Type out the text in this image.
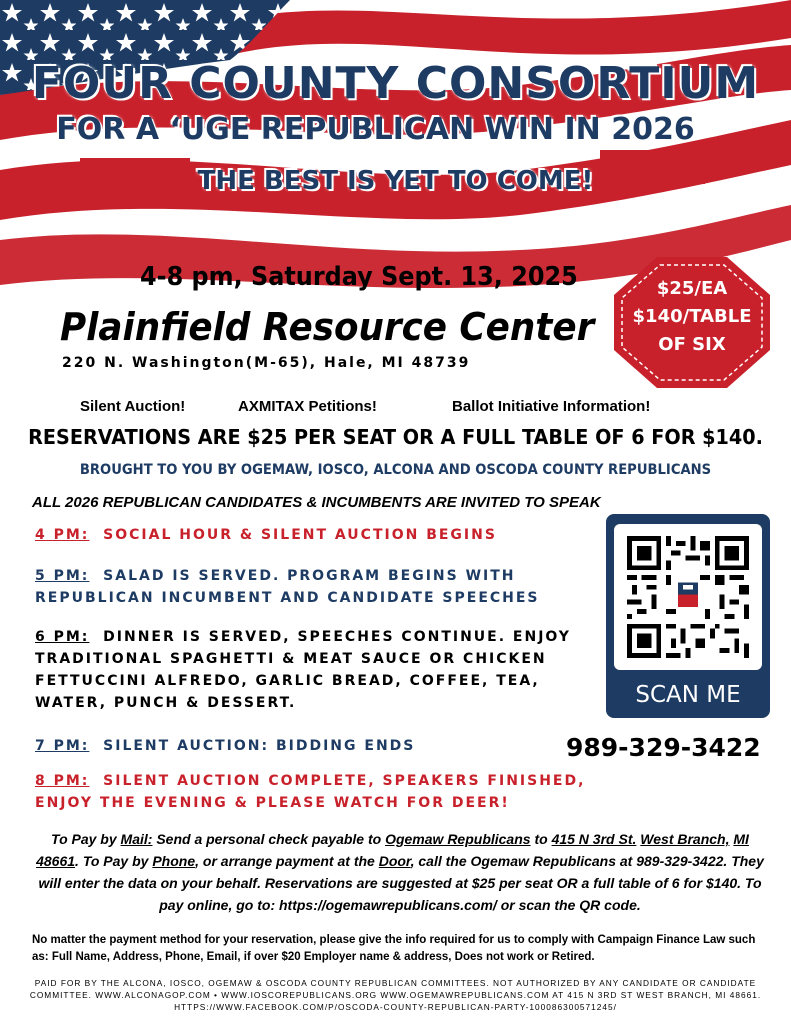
FOUR COUNTY CONSORTIUM
FOR A ‘UGE REPUBLICAN WIN IN 2026
THE BEST IS YET TO COME!
4-8 pm, Saturday Sept. 13, 2025
Plainfield Resource Center
220 N. Washington(M-65), Hale, MI 48739
$25/EA
$140/TABLE
OF SIX
Silent Auction!	AXMITAX Petitions!	Ballot Initiative Information!
RESERVATIONS ARE $25 PER SEAT OR A FULL TABLE OF 6 FOR $140.
BROUGHT TO YOU BY OGEMAW, IOSCO, ALCONA AND OSCODA COUNTY REPUBLICANS
ALL 2026 REPUBLICAN CANDIDATES & INCUMBENTS ARE INVITED TO SPEAK
4 PM: SOCIAL HOUR & SILENT AUCTION BEGINS
5 PM: SALAD IS SERVED. PROGRAM BEGINS WITH REPUBLICAN INCUMBENT AND CANDIDATE SPEECHES
6 PM: DINNER IS SERVED, SPEECHES CONTINUE. ENJOY TRADITIONAL SPAGHETTI & MEAT SAUCE OR CHICKEN FETTUCCINI ALFREDO, GARLIC BREAD, COFFEE, TEA, WATER, PUNCH & DESSERT.
7 PM: SILENT AUCTION: BIDDING ENDS
8 PM: SILENT AUCTION COMPLETE, SPEAKERS FINISHED, ENJOY THE EVENING & PLEASE WATCH FOR DEER!
SCAN ME
989-329-3422
To Pay by Mail: Send a personal check payable to Ogemaw Republicans to 415 N 3rd St. West Branch, MI 48661. To Pay by Phone, or arrange payment at the Door, call the Ogemaw Republicans at 989-329-3422. They will enter the data on your behalf. Reservations are suggested at $25 per seat OR a full table of 6 for $140. To pay online, go to: https://ogemawrepublicans.com/ or scan the QR code.
No matter the payment method for your reservation, please give the info required for us to comply with Campaign Finance Law such as: Full Name, Address, Phone, Email, if over $20 Employer name & address, Does not work or Retired.
PAID FOR BY THE ALCONA, IOSCO, OGEMAW & OSCODA COUNTY REPUBLICAN COMMITTEES. NOT AUTHORIZED BY ANY CANDIDATE OR CANDIDATE COMMITTEE. WWW.ALCONAGOP.COM • WWW.IOSCOREPUBLICANS.ORG WWW.OGEMAWREPUBLICANS.COM AT 415 N 3RD ST WEST BRANCH, MI 48661. HTTPS://WWW.FACEBOOK.COM/P/OSCODA-COUNTY-REPUBLICAN-PARTY-100086300571245/
